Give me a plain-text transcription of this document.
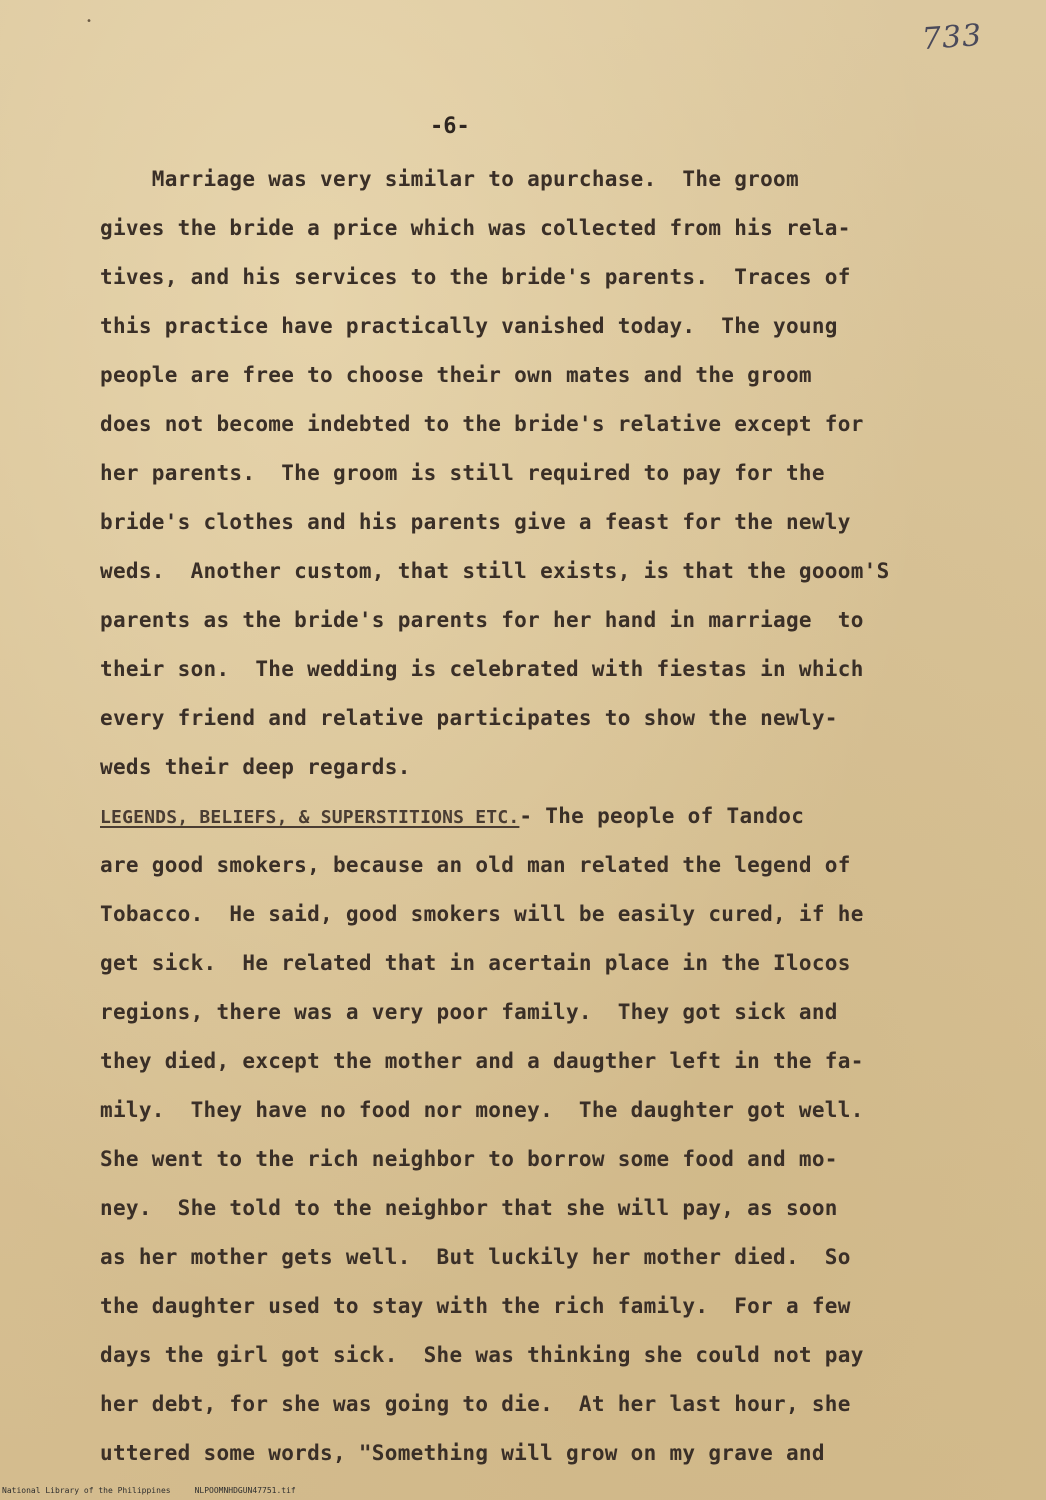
•	733
-6-
Marriage was very similar to apurchase.  The groom
gives the bride a price which was collected from his rela-
tives, and his services to the bride's parents.  Traces of
this practice have practically vanished today.  The young
people are free to choose their own mates and the groom
does not become indebted to the bride's relative except for
her parents.  The groom is still required to pay for the
bride's clothes and his parents give a feast for the newly
weds.  Another custom, that still exists, is that the gooom'S
parents as the bride's parents for her hand in marriage  to
their son.  The wedding is celebrated with fiestas in which
every friend and relative participates to show the newly-
weds their deep regards.
LEGENDS, BELIEFS, & SUPERSTITIONS ETC.- The people of Tandoc
are good smokers, because an old man related the legend of
Tobacco.  He said, good smokers will be easily cured, if he
get sick.  He related that in acertain place in the Ilocos
regions, there was a very poor family.  They got sick and
they died, except the mother and a daugther left in the fa-
mily.  They have no food nor money.  The daughter got well.
She went to the rich neighbor to borrow some food and mo-
ney.  She told to the neighbor that she will pay, as soon
as her mother gets well.  But luckily her mother died.  So
the daughter used to stay with the rich family.  For a few
days the girl got sick.  She was thinking she could not pay
her debt, for she was going to die.  At her last hour, she
uttered some words, "Something will grow on my grave and
National Library of the Philippines	NLPOOMNHDGUN47751.tif
